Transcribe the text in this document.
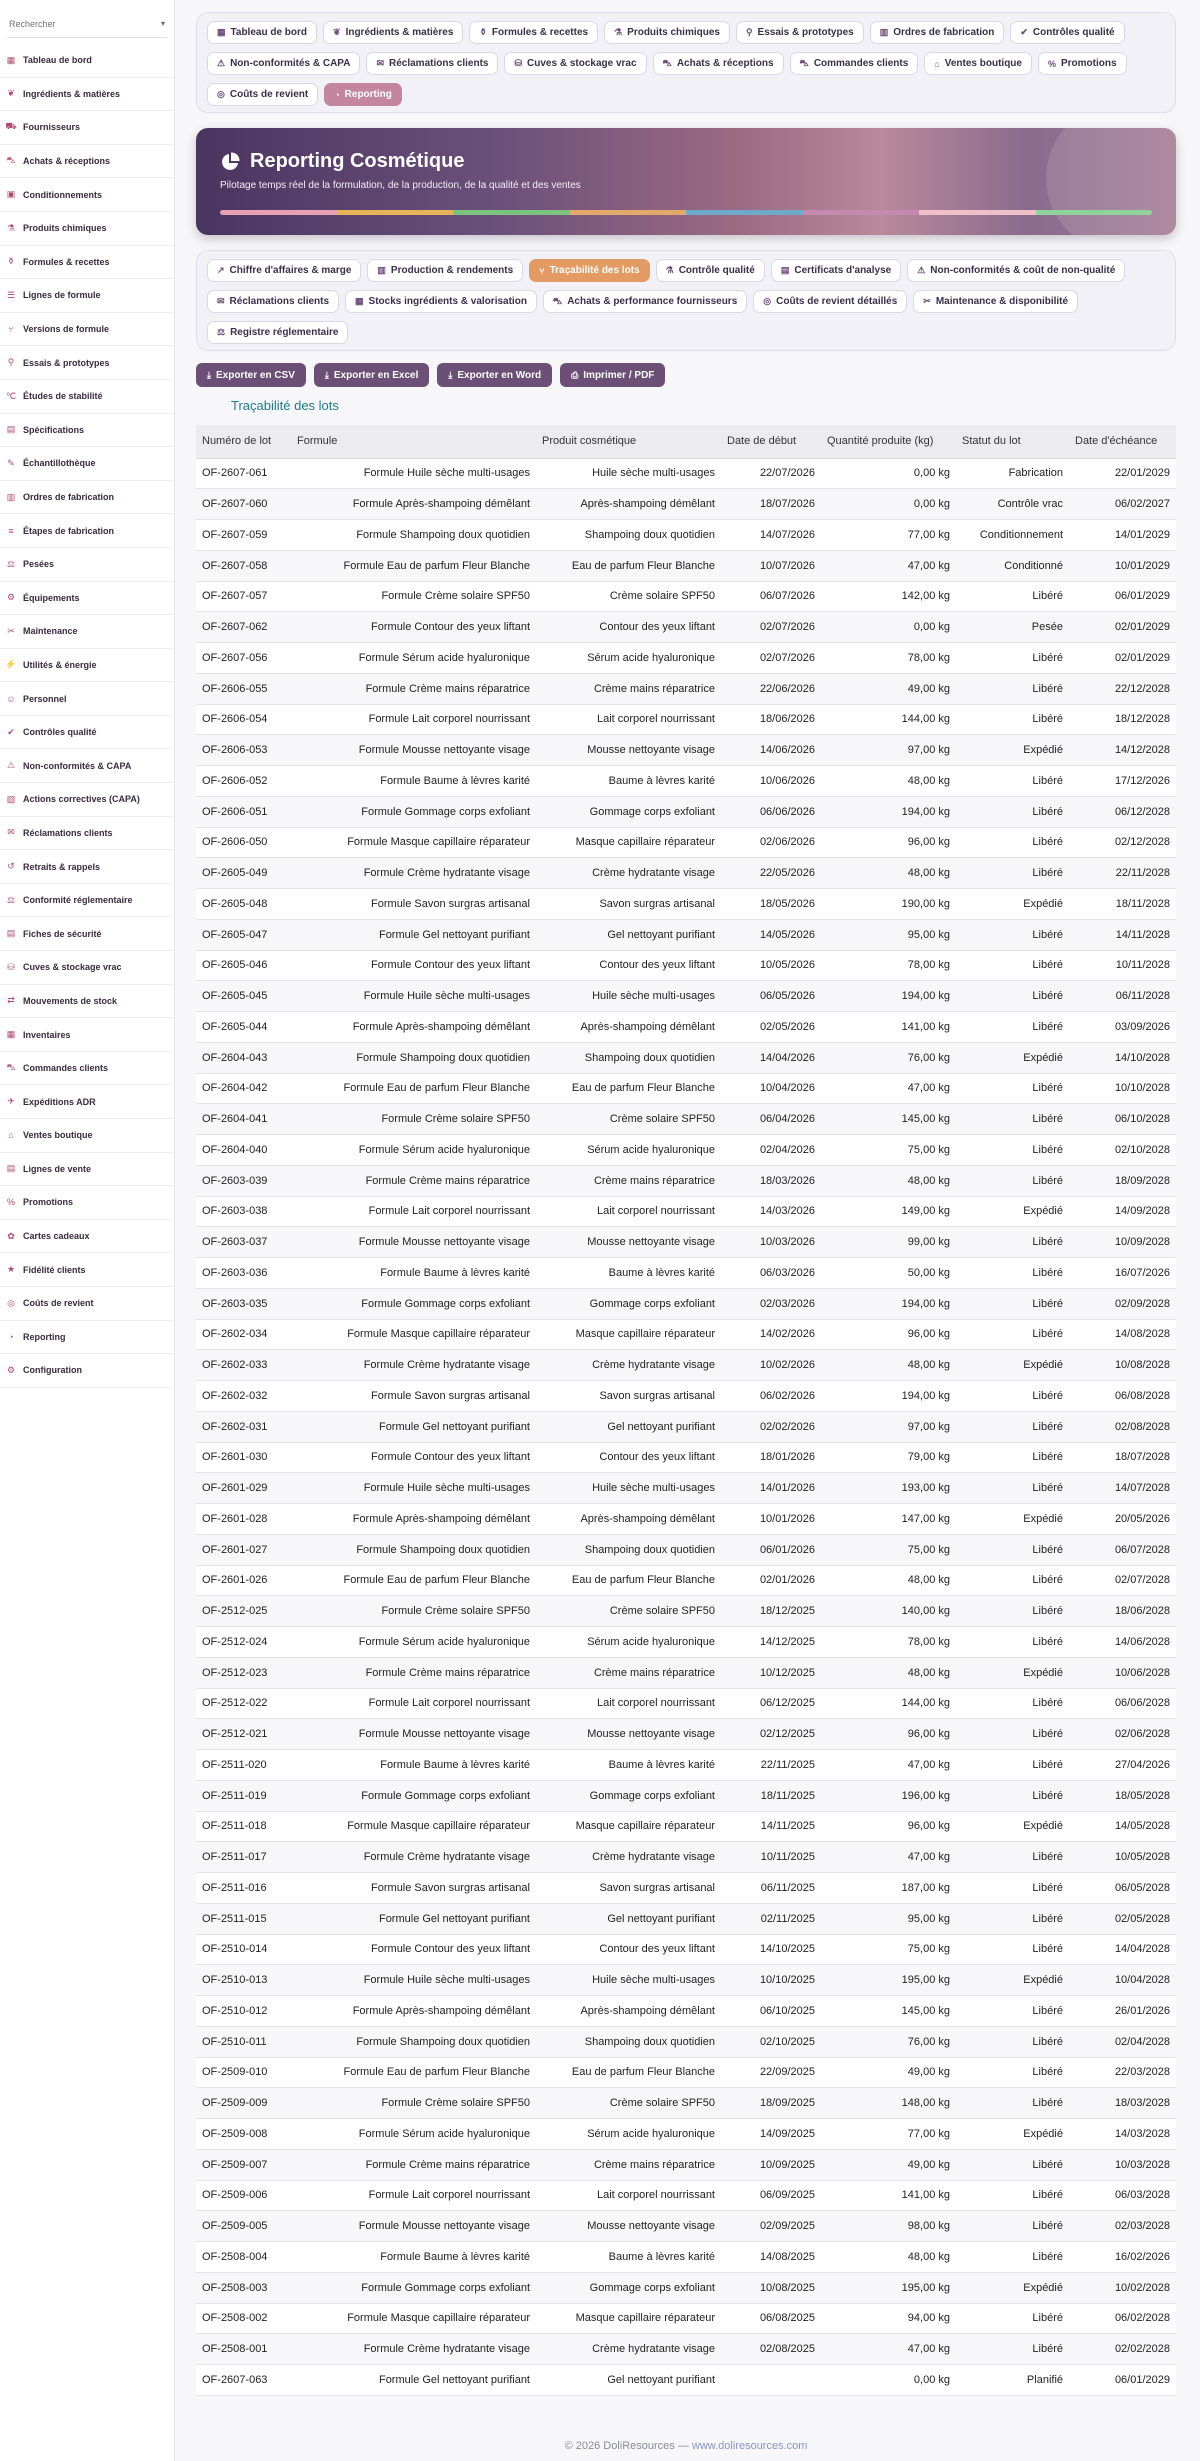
Rechercher
▾
▦ Tableau de bord
❦ Ingrédients & matières
⛟ Fournisseurs
⛍ Achats & réceptions
▣ Conditionnements
⚗ Produits chimiques
⚱ Formules & recettes
☰ Lignes de formule
⑂	Versions de formule
⚲ Essais & prototypes
℃ Études de stabilité
▤ Spécifications
✎ Échantillothèque
▥ Ordres de fabrication
≡	Étapes de fabrication
⚖ Pesées
⚙ Équipements
✂ Maintenance
⚡ Utilités & énergie
☺ Personnel
✔ Contrôles qualité
⚠ Non-conformités & CAPA
▧ Actions correctives (CAPA)
✉ Réclamations clients
↺ Retraits & rappels
⚖ Conformité réglementaire
▤ Fiches de sécurité
⛁ Cuves & stockage vrac
⇄ Mouvements de stock
▦ Inventaires
⛍ Commandes clients
✈ Expéditions ADR
⌂	Ventes boutique
▤ Lignes de vente
% Promotions
✿ Cartes cadeaux
★ Fidélité clients
◎ Coûts de revient
◔	Reporting
⚙ Configuration
▦ Tableau de bord	❦ Ingrédients & matières	⚱ Formules & recettes	⚗ Produits chimiques	⚲ Essais & prototypes	▥ Ordres de fabrication	✔ Contrôles qualité
⚠ Non-conformités & CAPA	✉ Réclamations clients	⛁ Cuves & stockage vrac	⛍ Achats & réceptions	⛍ Commandes clients	⌂ Ventes boutique	% Promotions
◎ Coûts de revient	◔ Reporting
Reporting Cosmétique
Pilotage temps réel de la formulation, de la production, de la qualité et des ventes
↗ Chiffre d'affaires & marge	▥ Production & rendements	⑂ Traçabilité des lots	⚗ Contrôle qualité	▤ Certificats d'analyse	⚠ Non-conformités & coût de non-qualité
✉ Réclamations clients	▦ Stocks ingrédients & valorisation	⛍ Achats & performance fournisseurs	◎ Coûts de revient détaillés	✂ Maintenance & disponibilité
⚖ Registre réglementaire
⤓ Exporter en CSV	⤓ Exporter en Excel	⤓ Exporter en Word	⎙ Imprimer / PDF
Traçabilité des lots
Numéro de lot	Formule	Produit cosmétique	Date de début	Quantité produite (kg)	Statut du lot	Date d'échéance
OF-2607-061	Formule Huile sèche multi-usages	Huile sèche multi-usages	22/07/2026	0,00 kg	Fabrication	22/01/2029
OF-2607-060	Formule Après-shampoing démêlant	Après-shampoing démêlant	18/07/2026	0,00 kg	Contrôle vrac	06/02/2027
OF-2607-059	Formule Shampoing doux quotidien	Shampoing doux quotidien	14/07/2026	77,00 kg	Conditionnement	14/01/2029
OF-2607-058	Formule Eau de parfum Fleur Blanche	Eau de parfum Fleur Blanche	10/07/2026	47,00 kg	Conditionné	10/01/2029
OF-2607-057	Formule Crème solaire SPF50	Crème solaire SPF50	06/07/2026	142,00 kg	Libéré	06/01/2029
OF-2607-062	Formule Contour des yeux liftant	Contour des yeux liftant	02/07/2026	0,00 kg	Pesée	02/01/2029
OF-2607-056	Formule Sérum acide hyaluronique	Sérum acide hyaluronique	02/07/2026	78,00 kg	Libéré	02/01/2029
OF-2606-055	Formule Crème mains réparatrice	Crème mains réparatrice	22/06/2026	49,00 kg	Libéré	22/12/2028
OF-2606-054	Formule Lait corporel nourrissant	Lait corporel nourrissant	18/06/2026	144,00 kg	Libéré	18/12/2028
OF-2606-053	Formule Mousse nettoyante visage	Mousse nettoyante visage	14/06/2026	97,00 kg	Expédié	14/12/2028
OF-2606-052	Formule Baume à lèvres karité	Baume à lèvres karité	10/06/2026	48,00 kg	Libéré	17/12/2026
OF-2606-051	Formule Gommage corps exfoliant	Gommage corps exfoliant	06/06/2026	194,00 kg	Libéré	06/12/2028
OF-2606-050	Formule Masque capillaire réparateur	Masque capillaire réparateur	02/06/2026	96,00 kg	Libéré	02/12/2028
OF-2605-049	Formule Crème hydratante visage	Crème hydratante visage	22/05/2026	48,00 kg	Libéré	22/11/2028
OF-2605-048	Formule Savon surgras artisanal	Savon surgras artisanal	18/05/2026	190,00 kg	Expédié	18/11/2028
OF-2605-047	Formule Gel nettoyant purifiant	Gel nettoyant purifiant	14/05/2026	95,00 kg	Libéré	14/11/2028
OF-2605-046	Formule Contour des yeux liftant	Contour des yeux liftant	10/05/2026	78,00 kg	Libéré	10/11/2028
OF-2605-045	Formule Huile sèche multi-usages	Huile sèche multi-usages	06/05/2026	194,00 kg	Libéré	06/11/2028
OF-2605-044	Formule Après-shampoing démêlant	Après-shampoing démêlant	02/05/2026	141,00 kg	Libéré	03/09/2026
OF-2604-043	Formule Shampoing doux quotidien	Shampoing doux quotidien	14/04/2026	76,00 kg	Expédié	14/10/2028
OF-2604-042	Formule Eau de parfum Fleur Blanche	Eau de parfum Fleur Blanche	10/04/2026	47,00 kg	Libéré	10/10/2028
OF-2604-041	Formule Crème solaire SPF50	Crème solaire SPF50	06/04/2026	145,00 kg	Libéré	06/10/2028
OF-2604-040	Formule Sérum acide hyaluronique	Sérum acide hyaluronique	02/04/2026	75,00 kg	Libéré	02/10/2028
OF-2603-039	Formule Crème mains réparatrice	Crème mains réparatrice	18/03/2026	48,00 kg	Libéré	18/09/2028
OF-2603-038	Formule Lait corporel nourrissant	Lait corporel nourrissant	14/03/2026	149,00 kg	Expédié	14/09/2028
OF-2603-037	Formule Mousse nettoyante visage	Mousse nettoyante visage	10/03/2026	99,00 kg	Libéré	10/09/2028
OF-2603-036	Formule Baume à lèvres karité	Baume à lèvres karité	06/03/2026	50,00 kg	Libéré	16/07/2026
OF-2603-035	Formule Gommage corps exfoliant	Gommage corps exfoliant	02/03/2026	194,00 kg	Libéré	02/09/2028
OF-2602-034	Formule Masque capillaire réparateur	Masque capillaire réparateur	14/02/2026	96,00 kg	Libéré	14/08/2028
OF-2602-033	Formule Crème hydratante visage	Crème hydratante visage	10/02/2026	48,00 kg	Expédié	10/08/2028
OF-2602-032	Formule Savon surgras artisanal	Savon surgras artisanal	06/02/2026	194,00 kg	Libéré	06/08/2028
OF-2602-031	Formule Gel nettoyant purifiant	Gel nettoyant purifiant	02/02/2026	97,00 kg	Libéré	02/08/2028
OF-2601-030	Formule Contour des yeux liftant	Contour des yeux liftant	18/01/2026	79,00 kg	Libéré	18/07/2028
OF-2601-029	Formule Huile sèche multi-usages	Huile sèche multi-usages	14/01/2026	193,00 kg	Libéré	14/07/2028
OF-2601-028	Formule Après-shampoing démêlant	Après-shampoing démêlant	10/01/2026	147,00 kg	Expédié	20/05/2026
OF-2601-027	Formule Shampoing doux quotidien	Shampoing doux quotidien	06/01/2026	75,00 kg	Libéré	06/07/2028
OF-2601-026	Formule Eau de parfum Fleur Blanche	Eau de parfum Fleur Blanche	02/01/2026	48,00 kg	Libéré	02/07/2028
OF-2512-025	Formule Crème solaire SPF50	Crème solaire SPF50	18/12/2025	140,00 kg	Libéré	18/06/2028
OF-2512-024	Formule Sérum acide hyaluronique	Sérum acide hyaluronique	14/12/2025	78,00 kg	Libéré	14/06/2028
OF-2512-023	Formule Crème mains réparatrice	Crème mains réparatrice	10/12/2025	48,00 kg	Expédié	10/06/2028
OF-2512-022	Formule Lait corporel nourrissant	Lait corporel nourrissant	06/12/2025	144,00 kg	Libéré	06/06/2028
OF-2512-021	Formule Mousse nettoyante visage	Mousse nettoyante visage	02/12/2025	96,00 kg	Libéré	02/06/2028
OF-2511-020	Formule Baume à lèvres karité	Baume à lèvres karité	22/11/2025	47,00 kg	Libéré	27/04/2026
OF-2511-019	Formule Gommage corps exfoliant	Gommage corps exfoliant	18/11/2025	196,00 kg	Libéré	18/05/2028
OF-2511-018	Formule Masque capillaire réparateur	Masque capillaire réparateur	14/11/2025	96,00 kg	Expédié	14/05/2028
OF-2511-017	Formule Crème hydratante visage	Crème hydratante visage	10/11/2025	47,00 kg	Libéré	10/05/2028
OF-2511-016	Formule Savon surgras artisanal	Savon surgras artisanal	06/11/2025	187,00 kg	Libéré	06/05/2028
OF-2511-015	Formule Gel nettoyant purifiant	Gel nettoyant purifiant	02/11/2025	95,00 kg	Libéré	02/05/2028
OF-2510-014	Formule Contour des yeux liftant	Contour des yeux liftant	14/10/2025	75,00 kg	Libéré	14/04/2028
OF-2510-013	Formule Huile sèche multi-usages	Huile sèche multi-usages	10/10/2025	195,00 kg	Expédié	10/04/2028
OF-2510-012	Formule Après-shampoing démêlant	Après-shampoing démêlant	06/10/2025	145,00 kg	Libéré	26/01/2026
OF-2510-011	Formule Shampoing doux quotidien	Shampoing doux quotidien	02/10/2025	76,00 kg	Libéré	02/04/2028
OF-2509-010	Formule Eau de parfum Fleur Blanche	Eau de parfum Fleur Blanche	22/09/2025	49,00 kg	Libéré	22/03/2028
OF-2509-009	Formule Crème solaire SPF50	Crème solaire SPF50	18/09/2025	148,00 kg	Libéré	18/03/2028
OF-2509-008	Formule Sérum acide hyaluronique	Sérum acide hyaluronique	14/09/2025	77,00 kg	Expédié	14/03/2028
OF-2509-007	Formule Crème mains réparatrice	Crème mains réparatrice	10/09/2025	49,00 kg	Libéré	10/03/2028
OF-2509-006	Formule Lait corporel nourrissant	Lait corporel nourrissant	06/09/2025	141,00 kg	Libéré	06/03/2028
OF-2509-005	Formule Mousse nettoyante visage	Mousse nettoyante visage	02/09/2025	98,00 kg	Libéré	02/03/2028
OF-2508-004	Formule Baume à lèvres karité	Baume à lèvres karité	14/08/2025	48,00 kg	Libéré	16/02/2026
OF-2508-003	Formule Gommage corps exfoliant	Gommage corps exfoliant	10/08/2025	195,00 kg	Expédié	10/02/2028
OF-2508-002	Formule Masque capillaire réparateur	Masque capillaire réparateur	06/08/2025	94,00 kg	Libéré	06/02/2028
OF-2508-001	Formule Crème hydratante visage	Crème hydratante visage	02/08/2025	47,00 kg	Libéré	02/02/2028
OF-2607-063	Formule Gel nettoyant purifiant	Gel nettoyant purifiant		0,00 kg	Planifié	06/01/2029
© 2026 DoliResources — www.doliresources.com
